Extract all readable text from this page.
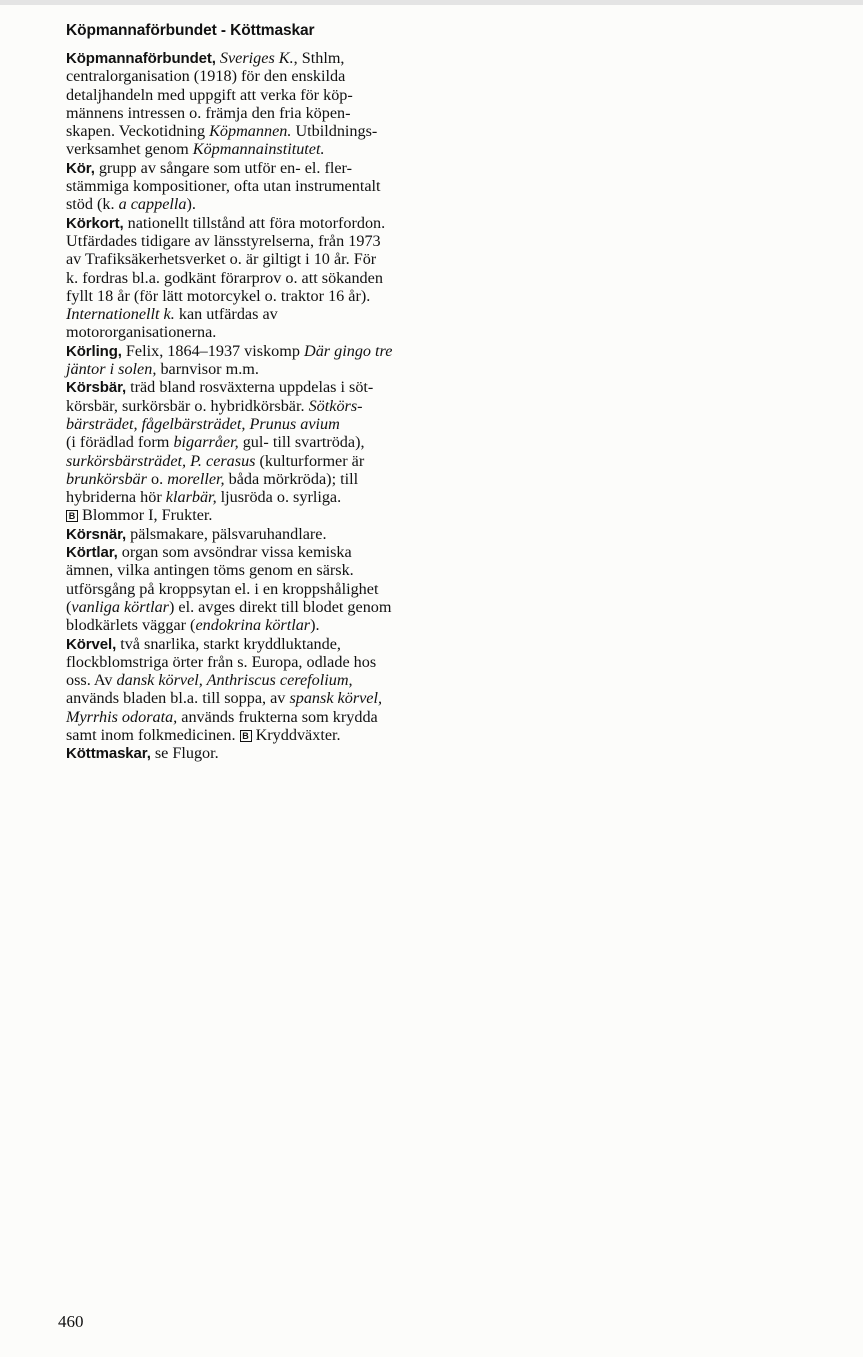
Köpmannaförbundet - Köttmaskar
Köpmannaförbundet, Sveriges K., Sthlm,
centralorganisation (1918) för den enskilda
detaljhandeln med uppgift att verka för köp-
männens intressen o. främja den fria köpen-
skapen. Veckotidning Köpmannen. Utbildnings-
verksamhet genom Köpmannainstitutet.
Kör, grupp av sångare som utför en- el. fler-
stämmiga kompositioner, ofta utan instrumentalt
stöd (k. a cappella).
Körkort, nationellt tillstånd att föra motorfordon.
Utfärdades tidigare av länsstyrelserna, från 1973
av Trafiksäkerhetsverket o. är giltigt i 10 år. För
k. fordras bl.a. godkänt förarprov o. att sökanden
fyllt 18 år (för lätt motorcykel o. traktor 16 år).
Internationellt k. kan utfärdas av
motororganisationerna.
Körling, Felix, 1864–1937 viskomp Där gingo tre
jäntor i solen, barnvisor m.m.
Körsbär, träd bland rosväxterna uppdelas i söt-
körsbär, surkörsbär o. hybridkörsbär. Sötkörs-
bärsträdet, fågelbärsträdet, Prunus avium
(i förädlad form bigarråer, gul- till svartröda),
surkörsbärsträdet, P. cerasus (kulturformer är
brunkörsbär o. moreller, båda mörkröda); till
hybriderna hör klarbär, ljusröda o. syrliga.
B Blommor I, Frukter.
Körsnär, pälsmakare, pälsvaruhandlare.
Körtlar, organ som avsöndrar vissa kemiska
ämnen, vilka antingen töms genom en särsk.
utförsgång på kroppsytan el. i en kroppshålighet
(vanliga körtlar) el. avges direkt till blodet genom
blodkärlets väggar (endokrina körtlar).
Körvel, två snarlika, starkt kryddluktande,
flockblomstriga örter från s. Europa, odlade hos
oss. Av dansk körvel, Anthriscus cerefolium,
används bladen bl.a. till soppa, av spansk körvel,
Myrrhis odorata, används frukterna som krydda
samt inom folkmedicinen. B Kryddväxter.
Köttmaskar, se Flugor.
460
